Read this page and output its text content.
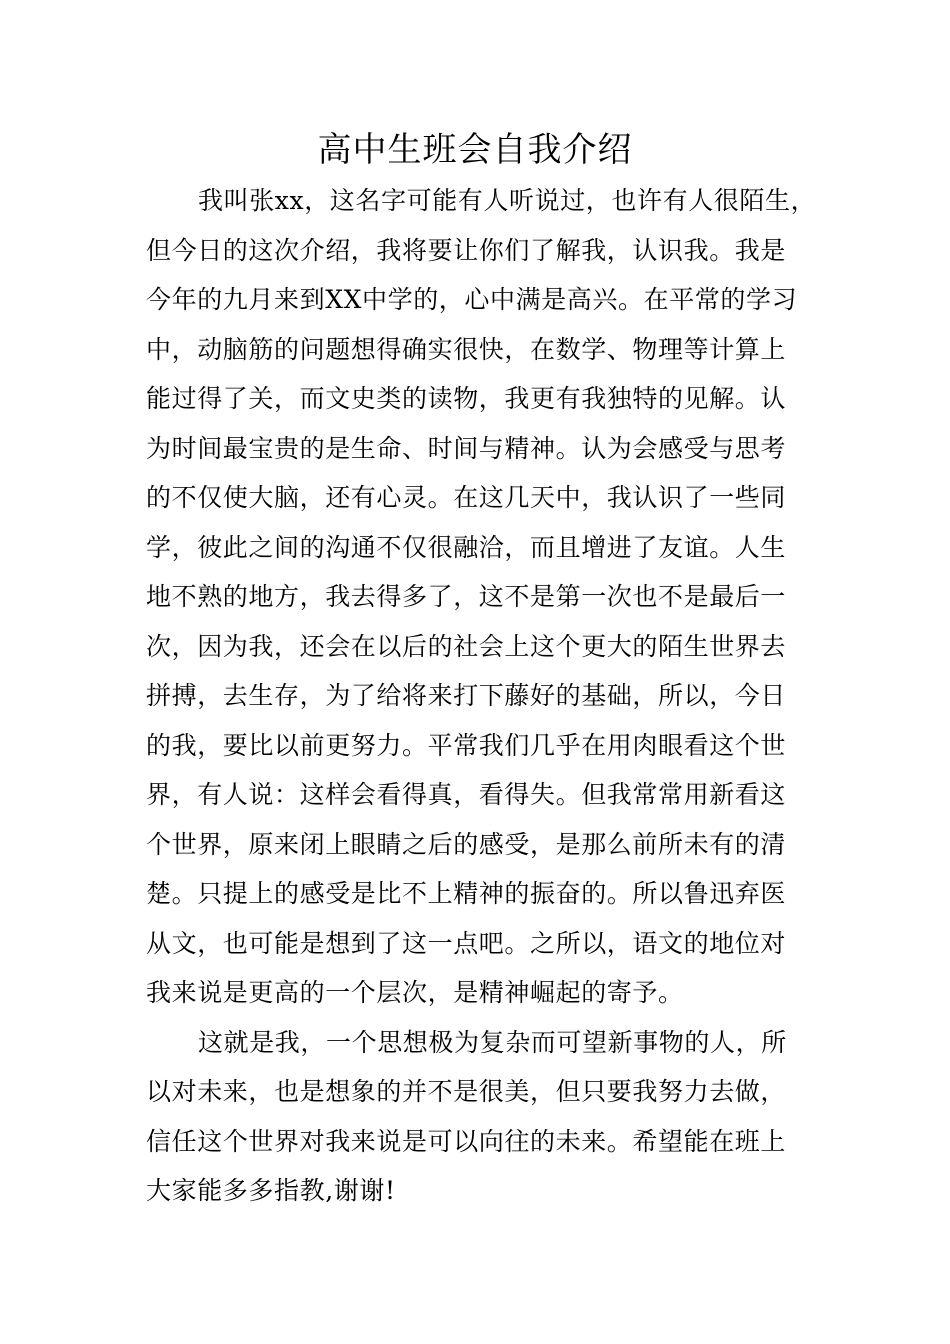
高中生班会自我介绍
我叫张xx，这名字可能有人听说过，也许有人很陌生，
但今日的这次介绍，我将要让你们了解我，认识我。我是
今年的九月来到XX中学的，心中满是高兴。在平常的学习
中，动脑筋的问题想得确实很快，在数学、物理等计算上
能过得了关，而文史类的读物，我更有我独特的见解。认
为时间最宝贵的是生命、时间与精神。认为会感受与思考
的不仅使大脑，还有心灵。在这几天中，我认识了一些同
学，彼此之间的沟通不仅很融洽，而且增进了友谊。人生
地不熟的地方，我去得多了，这不是第一次也不是最后一
次，因为我，还会在以后的社会上这个更大的陌生世界去
拼搏，去生存，为了给将来打下藤好的基础，所以，今日
的我，要比以前更努力。平常我们几乎在用肉眼看这个世
界，有人说：这样会看得真，看得失。但我常常用新看这
个世界，原来闭上眼睛之后的感受，是那么前所未有的清
楚。只提上的感受是比不上精神的振奋的。所以鲁迅弃医
从文，也可能是想到了这一点吧。之所以，语文的地位对
我来说是更高的一个层次，是精神崛起的寄予。
这就是我，一个思想极为复杂而可望新事物的人，所
以对未来，也是想象的并不是很美，但只要我努力去做，
信任这个世界对我来说是可以向往的未来。希望能在班上
大家能多多指教,谢谢!
